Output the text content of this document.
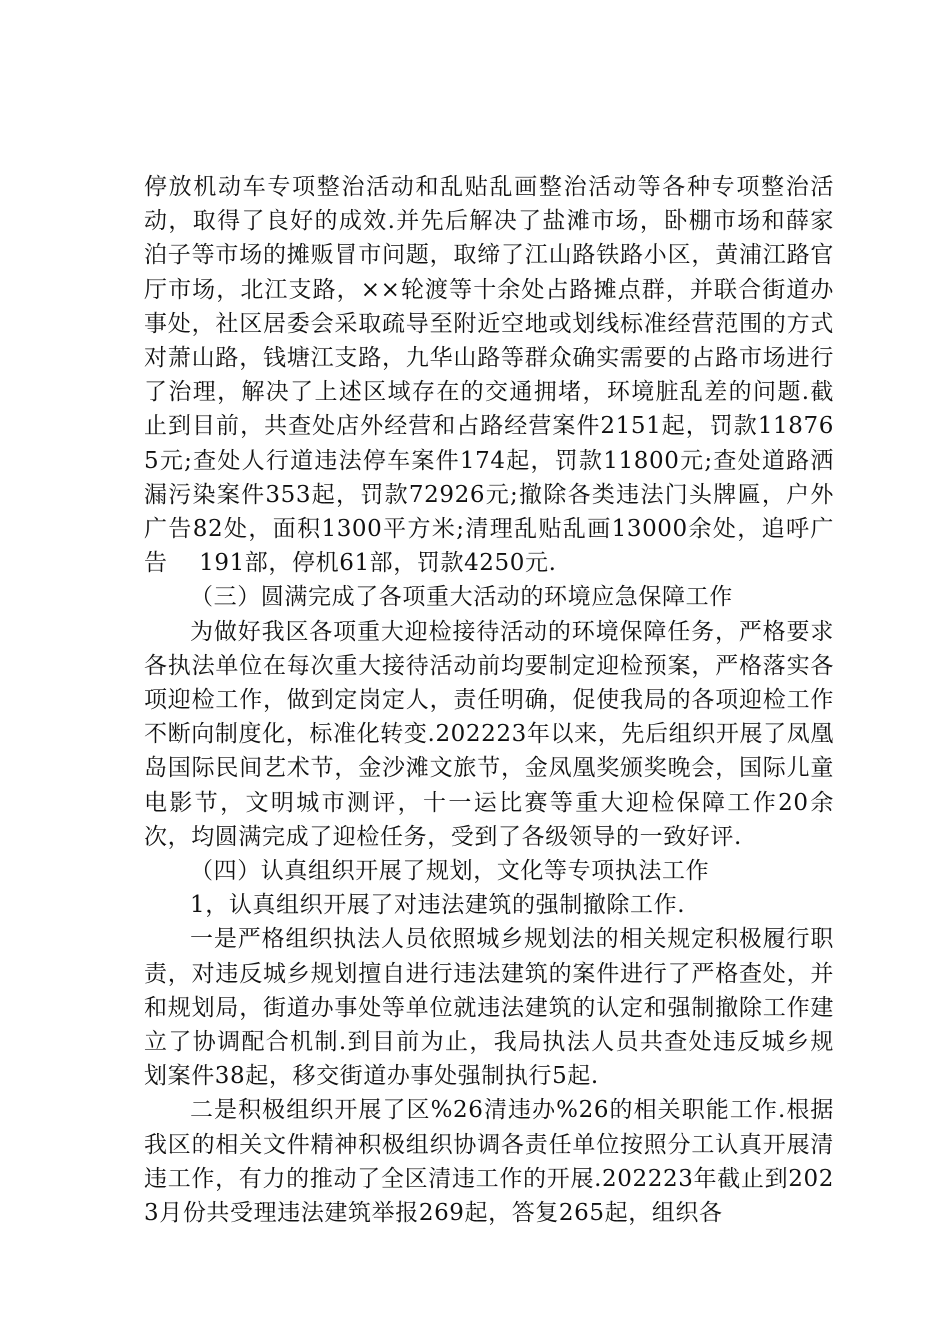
停放机动车专项整治活动和乱贴乱画整治活动等各种专项整治活动，取得了良好的成效.并先后解决了盐滩市场，卧棚市场和薛家泊子等市场的摊贩冒市问题，取缔了江山路铁路小区，黄浦江路官厅市场，北江支路，××轮渡等十余处占路摊点群，并联合街道办事处，社区居委会采取疏导至附近空地或划线标准经营范围的方式对萧山路，钱塘江支路，九华山路等群众确实需要的占路市场进行了治理，解决了上述区域存在的交通拥堵，环境脏乱差的问题.截止到目前，共查处店外经营和占路经营案件2151起，罚款118765元;查处人行道违法停车案件174起，罚款11800元;查处道路洒漏污染案件353起，罚款72926元;撤除各类违法门头牌匾，户外广告82处，面积1300平方米;清理乱贴乱画13000余处，追呼广告　 191部，停机61部，罚款4250元.

（三）圆满完成了各项重大活动的环境应急保障工作

为做好我区各项重大迎检接待活动的环境保障任务，严格要求各执法单位在每次重大接待活动前均要制定迎检预案，严格落实各项迎检工作，做到定岗定人，责任明确，促使我局的各项迎检工作不断向制度化，标准化转变.202223年以来，先后组织开展了凤凰岛国际民间艺术节，金沙滩文旅节，金凤凰奖颁奖晚会，国际儿童电影节，文明城市测评，十一运比赛等重大迎检保障工作20余次，均圆满完成了迎检任务，受到了各级领导的一致好评.

（四）认真组织开展了规划，文化等专项执法工作

1，认真组织开展了对违法建筑的强制撤除工作.

一是严格组织执法人员依照城乡规划法的相关规定积极履行职责，对违反城乡规划擅自进行违法建筑的案件进行了严格查处，并和规划局，街道办事处等单位就违法建筑的认定和强制撤除工作建立了协调配合机制.到目前为止，我局执法人员共查处违反城乡规划案件38起，移交街道办事处强制执行5起.

二是积极组织开展了区%26清违办%26的相关职能工作.根据我区的相关文件精神积极组织协调各责任单位按照分工认真开展清违工作，有力的推动了全区清违工作的开展.202223年截止到2023月份共受理违法建筑举报269起，答复265起，组织各
